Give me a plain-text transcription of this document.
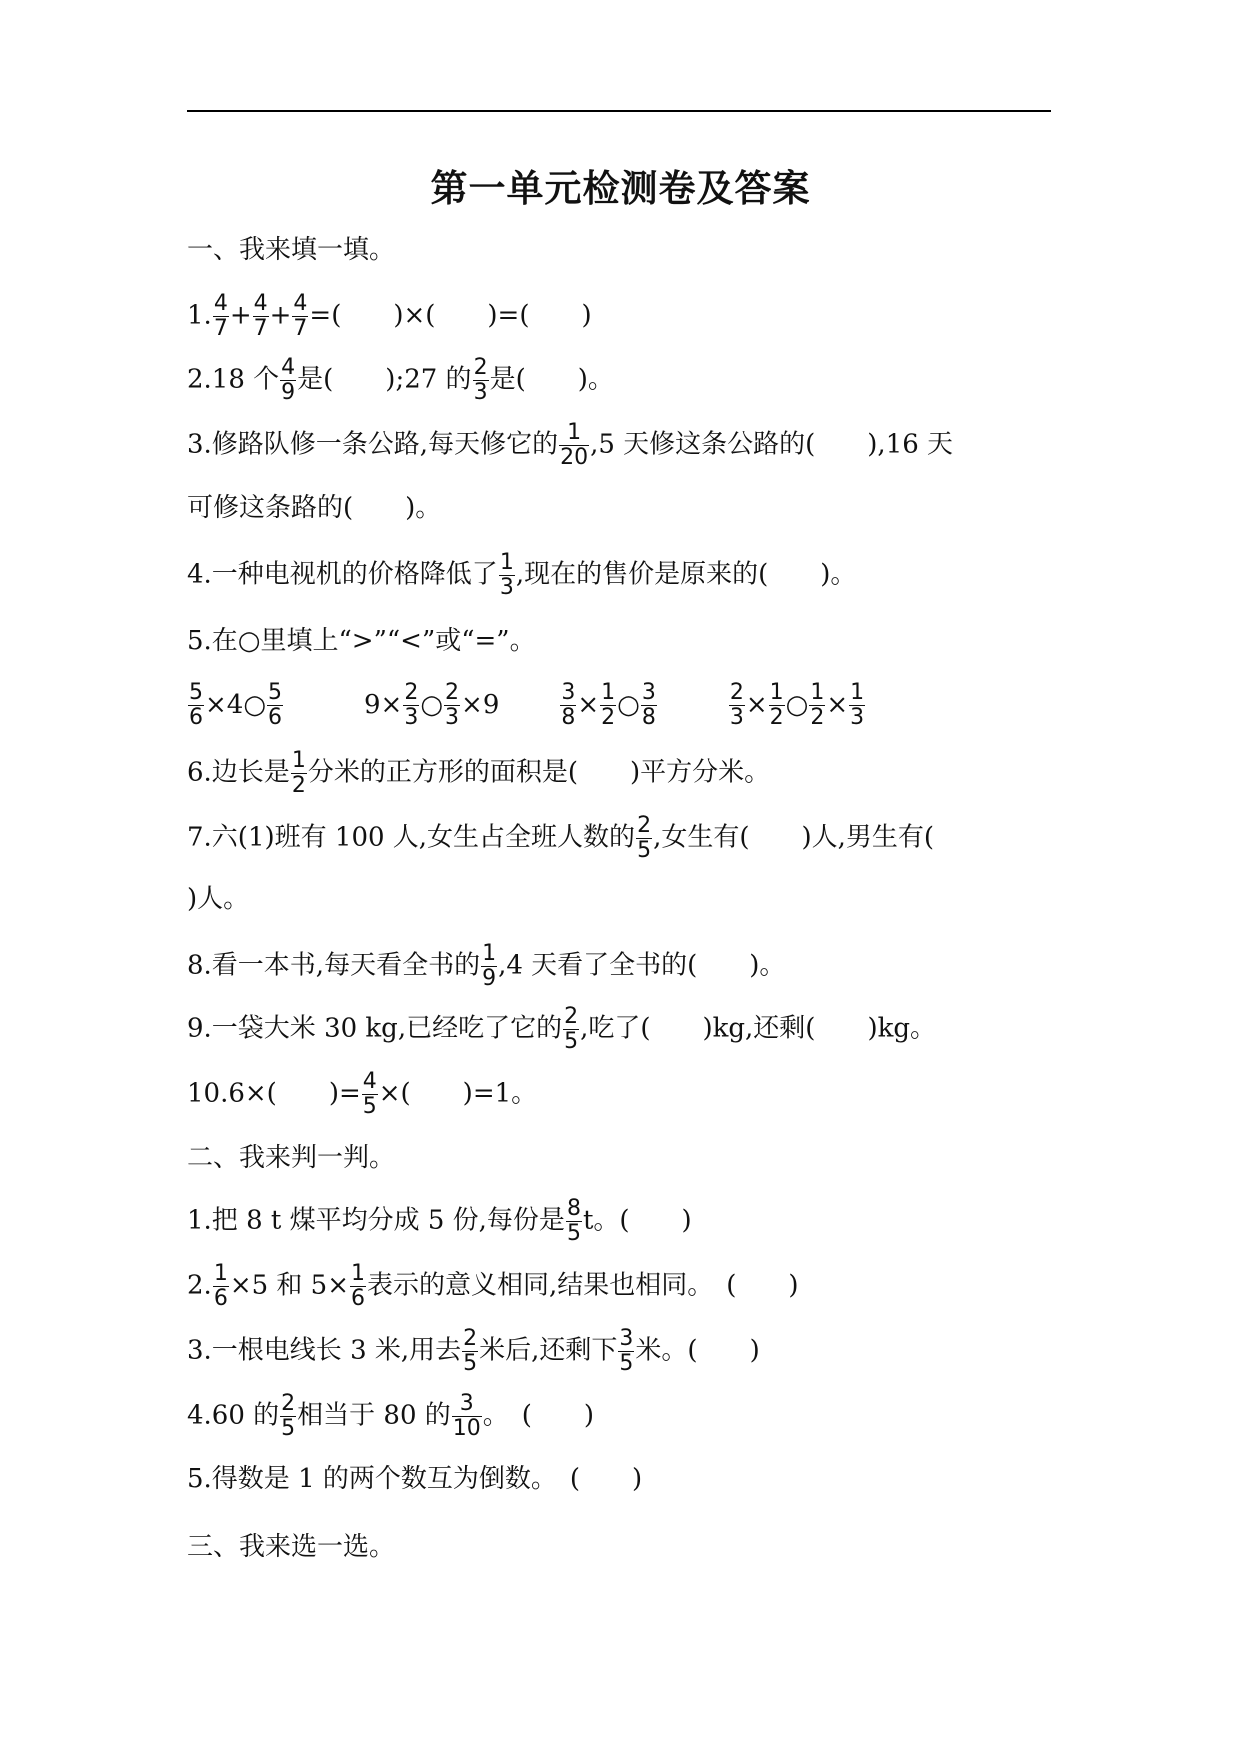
第一单元检测卷及答案
一、我来填一填。
1. $\frac{4}{7} + \frac{4}{7} + \frac{4}{7}$ =(　　)×(　　)=(　　)
2.18 个 $\frac{4}{9}$ 是(　　);27 的 $\frac{2}{3}$ 是(　　)。
3.修路队修一条公路,每天修它的 $\frac{1}{20} ,5$ 天修这条公路的(　　),16 天
可修这条路的(　　)。
4.一种电视机的价格降低了 $\frac{1}{3}$ ,现在的售价是原来的(　　)。
5.在○里填上“>”“<”或“=”。
$\frac{5}{6}$ ×4○ $\frac{5}{6}$	$9\times \frac{2}{3}$ ○ $\frac{2}{3} \times 9$	$\frac{3}{8} \times \frac{1}{2}$ ○ $\frac{3}{8}$	$\frac{2}{3} \times \frac{1}{2}$ ○ $\frac{1}{2} \times \frac{1}{3}$
6.边长是 $\frac{1}{2}$ 分米的正方形的面积是(　　)平方分米。
7.六(1)班有 100 人,女生占全班人数的 $\frac{2}{5}$ ,女生有(　　)人,男生有(
)人。
8.看一本书,每天看全书的 $\frac{1}{9} ,4$ 天看了全书的(　　)。
9.一袋大米 30 kg,已经吃了它的 $\frac{2}{5}$ ,吃了(　　)kg,还剩(　　)kg。
10.6×(　　)= $\frac{4}{5}$ ×(　　)=1。
二、我来判一判。
1.把 8 t 煤平均分成 5 份,每份是 $\frac{8}{5}$ t。(　　)
2. $\frac{1}{6} \times 5$ 和 $5\times \frac{1}{6}$ 表示的意义相同,结果也相同。　(　　)
3.一根电线长 3 米,用去 $\frac{2}{5}$ 米后,还剩下 $\frac{3}{5}$ 米。(　　)
4.60 的 $\frac{2}{5}$ 相当于 80 的 $\frac{3}{10}$ 。　(　　)
5.得数是 1 的两个数互为倒数。　(　　)
三、我来选一选。
